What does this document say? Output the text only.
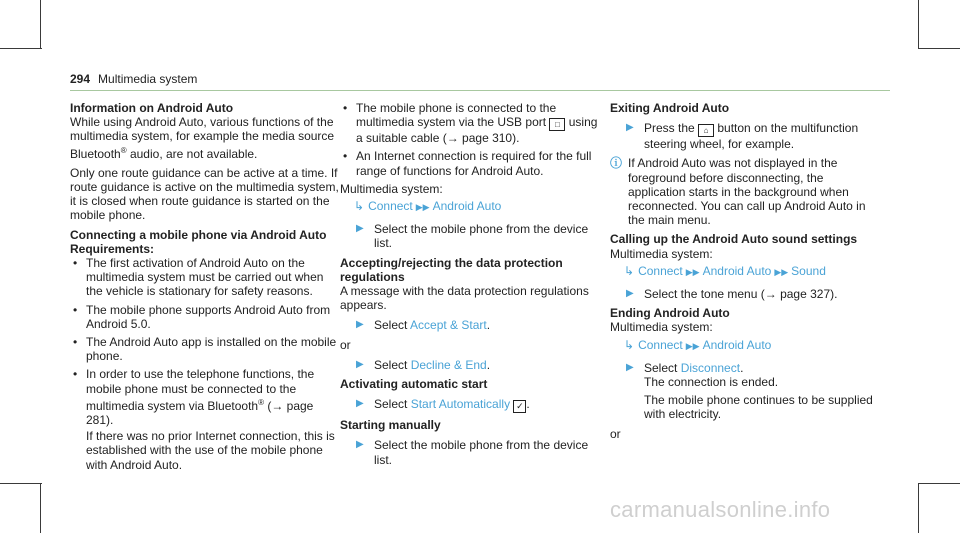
294 Multimedia system
Information on Android Auto

While using Android Auto, various functions of the multimedia system, for example the media source Bluetooth® audio, are not available.

Only one route guidance can be active at a time. If route guidance is active on the multimedia system, it is closed when route guidance is started on the mobile phone.

Connecting a mobile phone via Android Auto
Requirements:
• The first activation of Android Auto on the multimedia system must be carried out when the vehicle is stationary for safety reasons.
• The mobile phone supports Android Auto from Android 5.0.
• The Android Auto app is installed on the mobile phone.
• In order to use the telephone functions, the mobile phone must be connected to the multimedia system via Bluetooth® (→ page 281).
If there was no prior Internet connection, this is established with the use of the mobile phone with Android Auto.
• The mobile phone is connected to the multimedia system via the USB port □ using a suitable cable (→ page 310).
• An Internet connection is required for the full range of functions for Android Auto.

Multimedia system:

↳ Connect ▶▶ Android Auto
▶ Select the mobile phone from the device list.
Accepting/rejecting the data protection regulations

A message with the data protection regulations appears.

▶ Select Accept & Start.

or

▶ Select Decline & End.
Activating automatic start
▶ Select Start Automatically ✓ .
Starting manually
▶ Select the mobile phone from the device list.
Exiting Android Auto
▶ Press the ⌂ button on the multifunction steering wheel, for example.
ⓘ If Android Auto was not displayed in the foreground before disconnecting, the application starts in the background when reconnected. You can call up Android Auto in the main menu.
Calling up the Android Auto sound settings

Multimedia system:

↳ Connect ▶▶ Android Auto ▶▶ Sound
▶ Select the tone menu (→ page 327).
Ending Android Auto

Multimedia system:

↳ Connect ▶▶ Android Auto
▶ Select Disconnect.
The connection is ended.
The mobile phone continues to be supplied with electricity.

or

carmanualsonline.info
